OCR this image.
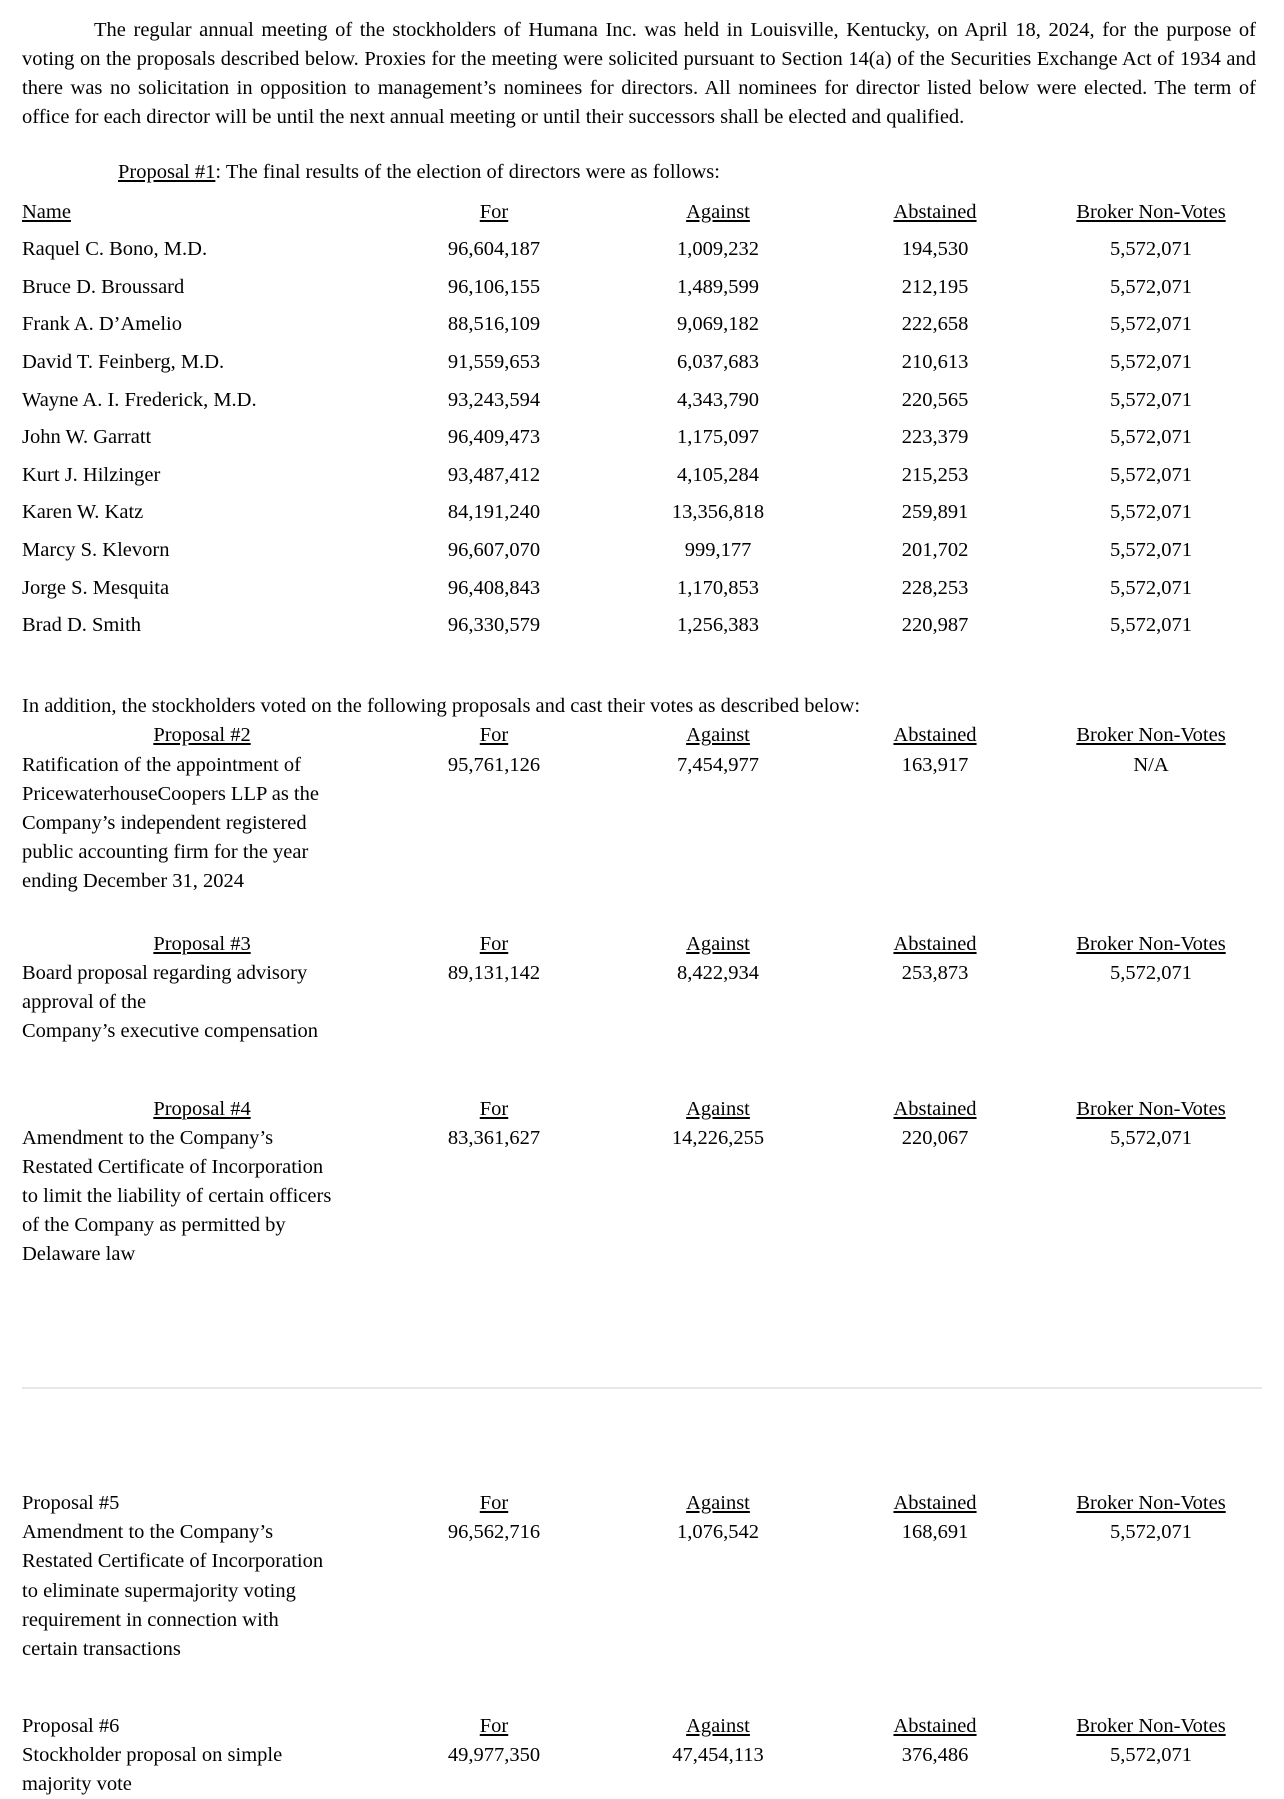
The regular annual meeting of the stockholders of Humana Inc. was held in Louisville, Kentucky, on April 18, 2024, for the purpose of voting on the proposals described below. Proxies for the meeting were solicited pursuant to Section 14(a) of the Securities Exchange Act of 1934 and there was no solicitation in opposition to management’s nominees for directors. All nominees for director listed below were elected. The term of office for each director will be until the next annual meeting or until their successors shall be elected and qualified.

Proposal #1: The final results of the election of directors were as follows:
Name	For	Against	Abstained	Broker Non-Votes
Raquel C. Bono, M.D.	96,604,187	1,009,232	194,530	5,572,071
Bruce D. Broussard	96,106,155	1,489,599	212,195	5,572,071
Frank A. D’Amelio	88,516,109	9,069,182	222,658	5,572,071
David T. Feinberg, M.D.	91,559,653	6,037,683	210,613	5,572,071
Wayne A. I. Frederick, M.D.	93,243,594	4,343,790	220,565	5,572,071
John W. Garratt	96,409,473	1,175,097	223,379	5,572,071
Kurt J. Hilzinger	93,487,412	4,105,284	215,253	5,572,071
Karen W. Katz	84,191,240	13,356,818	259,891	5,572,071
Marcy S. Klevorn	96,607,070	999,177	201,702	5,572,071
Jorge S. Mesquita	96,408,843	1,170,853	228,253	5,572,071
Brad D. Smith	96,330,579	1,256,383	220,987	5,572,071
In addition, the stockholders voted on the following proposals and cast their votes as described below:
Proposal #2	For	Against	Abstained	Broker Non-Votes

Ratification of the appointment of
PricewaterhouseCoopers LLP as the
Company’s independent registered
public accounting firm for the year
ending December 31, 2024	95,761,126	7,454,977	163,917	N/A
Proposal #3	For	Against	Abstained	Broker Non-Votes

Board proposal regarding advisory
approval of the
Company’s executive compensation	89,131,142	8,422,934	253,873	5,572,071
Proposal #4	For	Against	Abstained	Broker Non-Votes

Amendment to the Company’s
Restated Certificate of Incorporation
to limit the liability of certain officers
of the Company as permitted by
Delaware law	83,361,627	14,226,255	220,067	5,572,071
Proposal #5	For	Against	Abstained	Broker Non-Votes

Amendment to the Company’s
Restated Certificate of Incorporation
to eliminate supermajority voting
requirement in connection with
certain transactions	96,562,716	1,076,542	168,691	5,572,071
Proposal #6	For	Against	Abstained	Broker Non-Votes

Stockholder proposal on simple
majority vote	49,977,350	47,454,113	376,486	5,572,071
